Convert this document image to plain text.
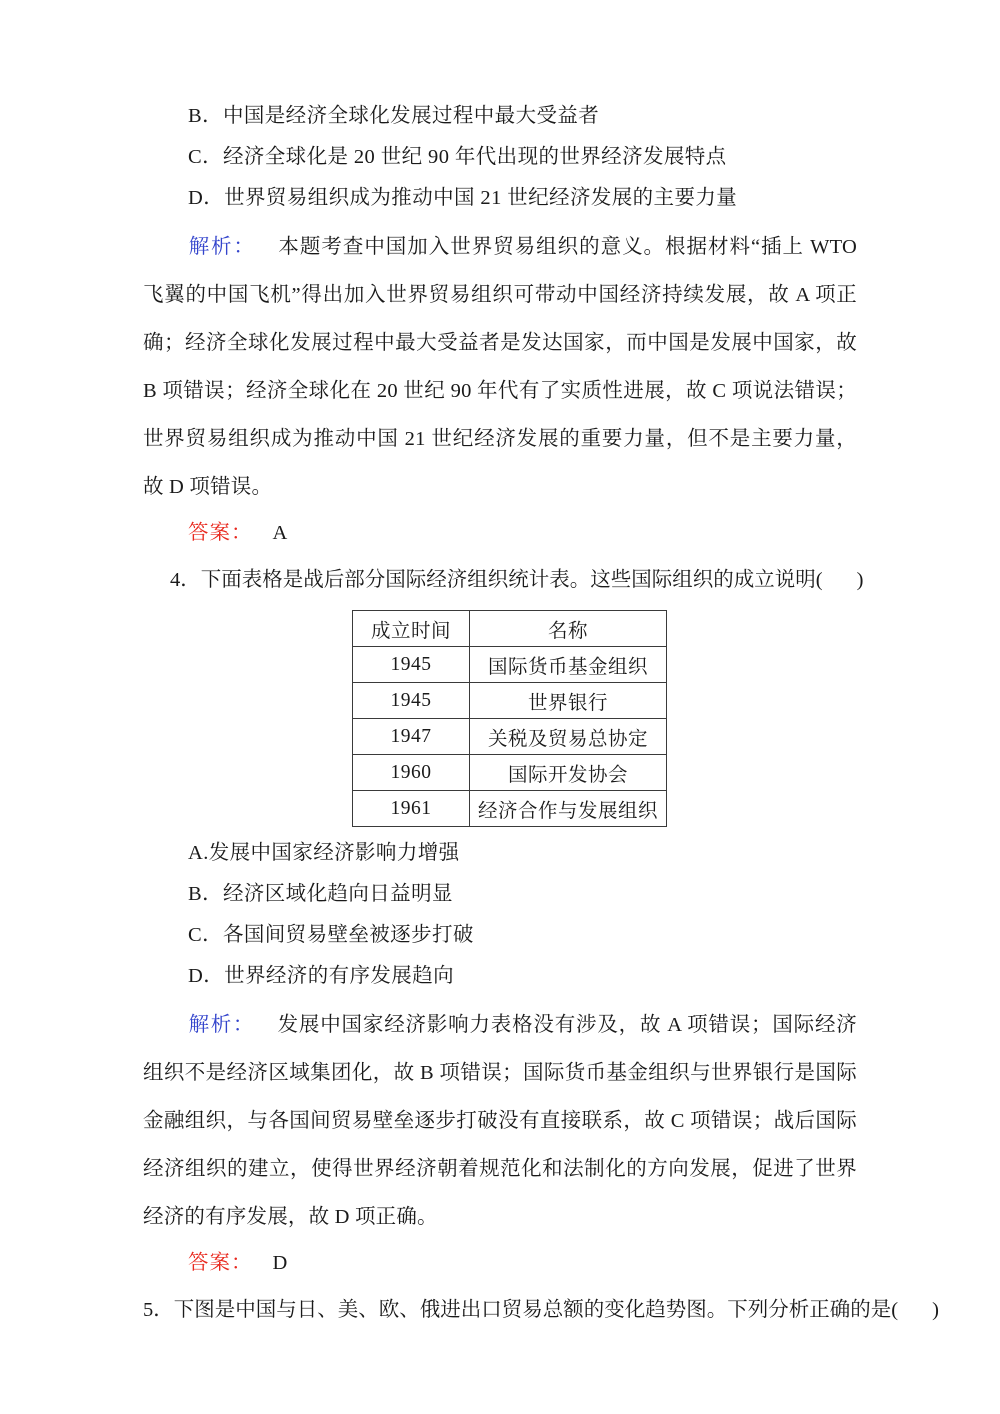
B．中国是经济全球化发展过程中最大受益者

C．经济全球化是 20 世纪 90 年代出现的世界经济发展特点

D．世界贸易组织成为推动中国 21 世纪经济发展的主要力量

解析： 本题考查中国加入世界贸易组织的意义。根据材料“插上 WTO 飞翼的中国飞机”得出加入世界贸易组织可带动中国经济持续发展，故 A 项正确；经济全球化发展过程中最大受益者是发达国家，而中国是发展中国家，故 B 项错误；经济全球化在 20 世纪 90 年代有了实质性进展，故 C 项说法错误；世界贸易组织成为推动中国 21 世纪经济发展的重要力量，但不是主要力量，故 D 项错误。

答案： A

4．下面表格是战后部分国际经济组织统计表。这些国际组织的成立说明( )

成立时间	名称
1945	国际货币基金组织
1945	世界银行
1947	关税及贸易总协定
1960	国际开发协会
1961	经济合作与发展组织

A.发展中国家经济影响力增强

B．经济区域化趋向日益明显

C．各国间贸易壁垒被逐步打破

D．世界经济的有序发展趋向

解析： 发展中国家经济影响力表格没有涉及，故 A 项错误；国际经济组织不是经济区域集团化，故 B 项错误；国际货币基金组织与世界银行是国际金融组织，与各国间贸易壁垒逐步打破没有直接联系，故 C 项错误；战后国际经济组织的建立，使得世界经济朝着规范化和法制化的方向发展，促进了世界经济的有序发展，故 D 项正确。

答案： D

5．下图是中国与日、美、欧、俄进出口贸易总额的变化趋势图。下列分析正确的是( )
